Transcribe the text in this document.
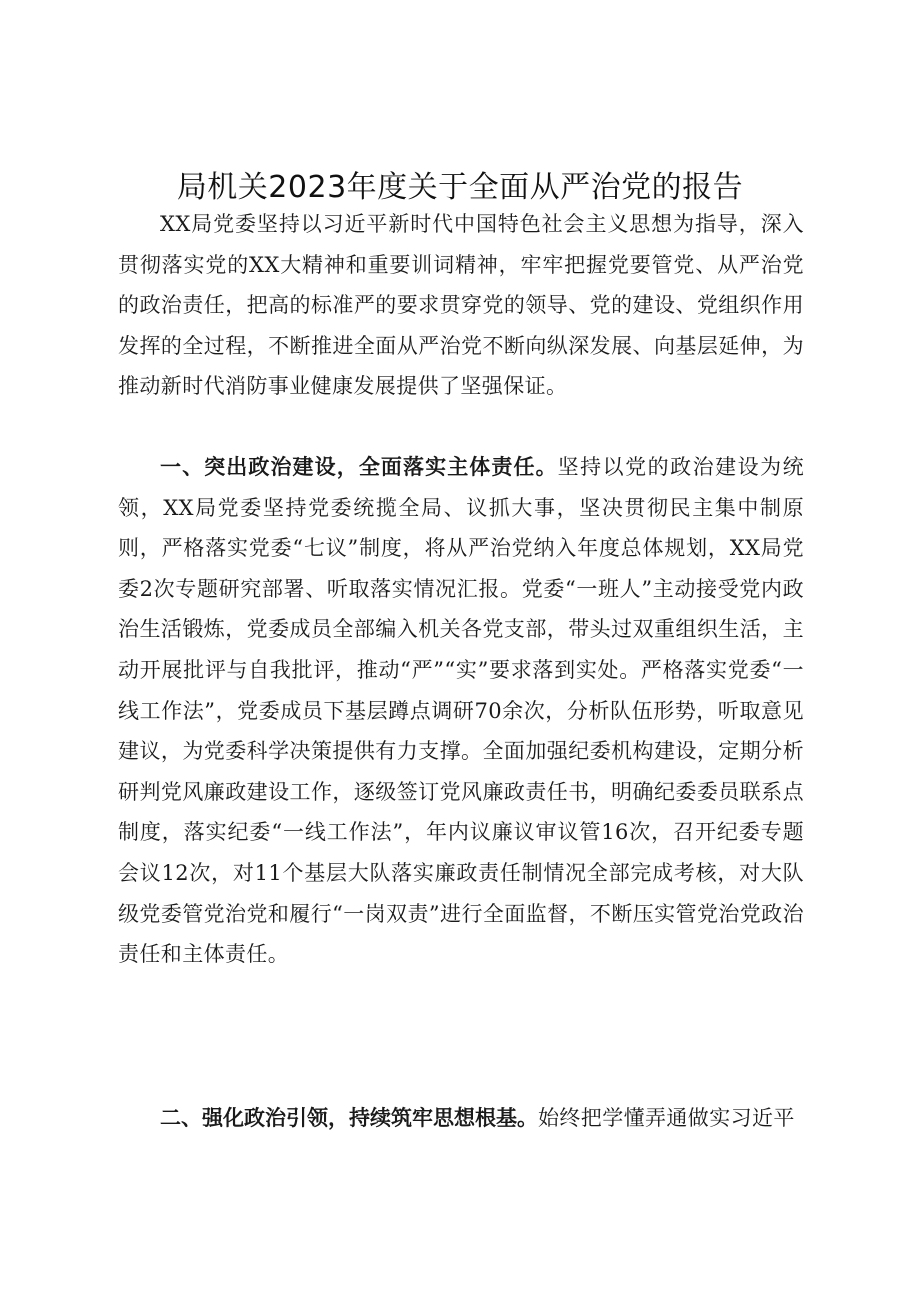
局机关2023年度关于全面从严治党的报告

XX局党委坚持以习近平新时代中国特色社会主义思想为指导，深入贯彻落实党的XX大精神和重要训词精神，牢牢把握党要管党、从严治党的政治责任，把高的标准严的要求贯穿党的领导、党的建设、党组织作用发挥的全过程，不断推进全面从严治党不断向纵深发展、向基层延伸，为推动新时代消防事业健康发展提供了坚强保证。

一、突出政治建设，全面落实主体责任。坚持以党的政治建设为统领，XX局党委坚持党委统揽全局、议抓大事，坚决贯彻民主集中制原则，严格落实党委“七议”制度，将从严治党纳入年度总体规划，XX局党委2次专题研究部署、听取落实情况汇报。党委“一班人”主动接受党内政治生活锻炼，党委成员全部编入机关各党支部，带头过双重组织生活，主动开展批评与自我批评，推动“严”“实”要求落到实处。严格落实党委“一线工作法”，党委成员下基层蹲点调研70余次，分析队伍形势，听取意见建议，为党委科学决策提供有力支撑。全面加强纪委机构建设，定期分析研判党风廉政建设工作，逐级签订党风廉政责任书，明确纪委委员联系点制度，落实纪委“一线工作法”，年内议廉议审议管16次，召开纪委专题会议12次，对11个基层大队落实廉政责任制情况全部完成考核，对大队级党委管党治党和履行“一岗双责”进行全面监督，不断压实管党治党政治责任和主体责任。

二、强化政治引领，持续筑牢思想根基。始终把学懂弄通做实习近平
